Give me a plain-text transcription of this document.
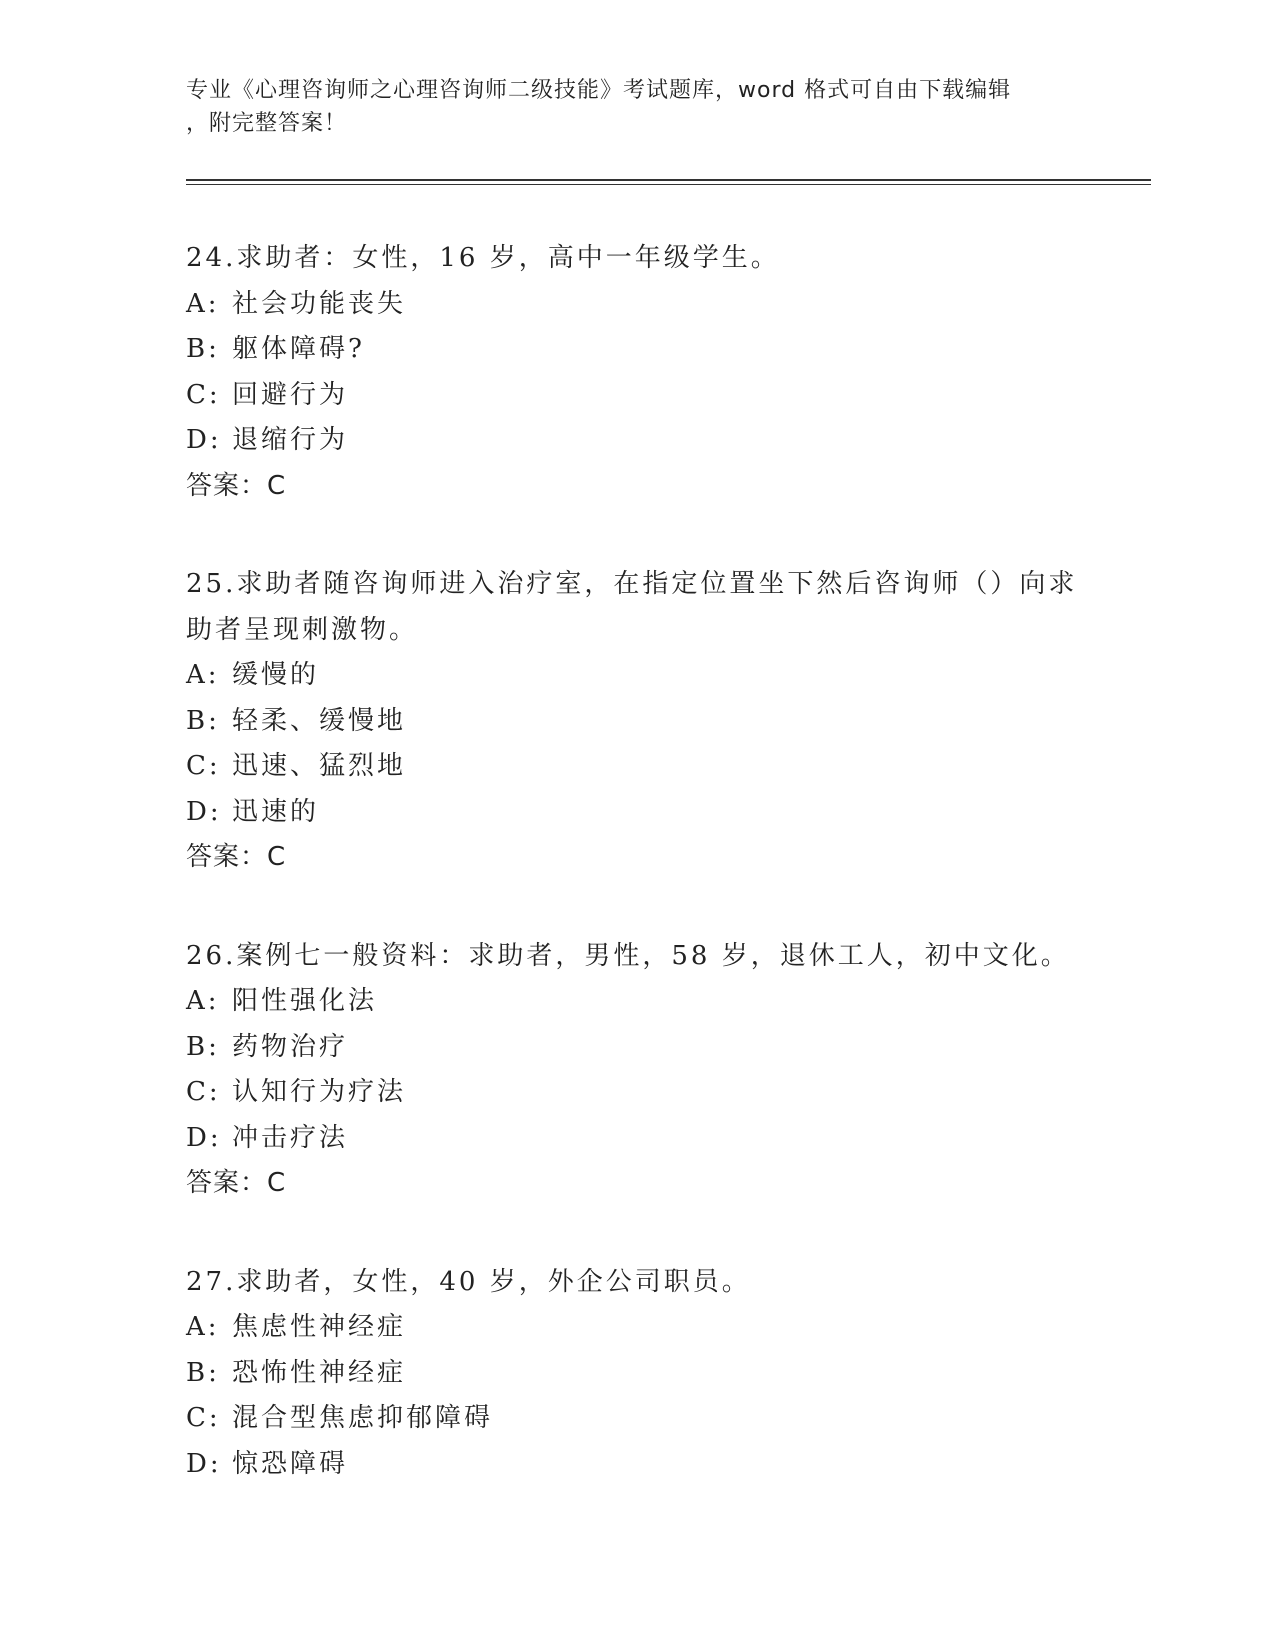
专业《心理咨询师之心理咨询师二级技能》考试题库，word 格式可自由下载编辑
，附完整答案！
24.求助者：女性，16 岁，高中一年级学生。
A: 社会功能丧失
B: 躯体障碍?
C: 回避行为
D: 退缩行为
答案：C
25.求助者随咨询师进入治疗室，在指定位置坐下然后咨询师（）向求助者呈现刺激物。
A: 缓慢的
B: 轻柔、缓慢地
C: 迅速、猛烈地
D: 迅速的
答案：C
26.案例七一般资料：求助者，男性，58 岁，退休工人，初中文化。
A: 阳性强化法
B: 药物治疗
C: 认知行为疗法
D: 冲击疗法
答案：C
27.求助者，女性，40 岁，外企公司职员。
A: 焦虑性神经症
B: 恐怖性神经症
C: 混合型焦虑抑郁障碍
D: 惊恐障碍
